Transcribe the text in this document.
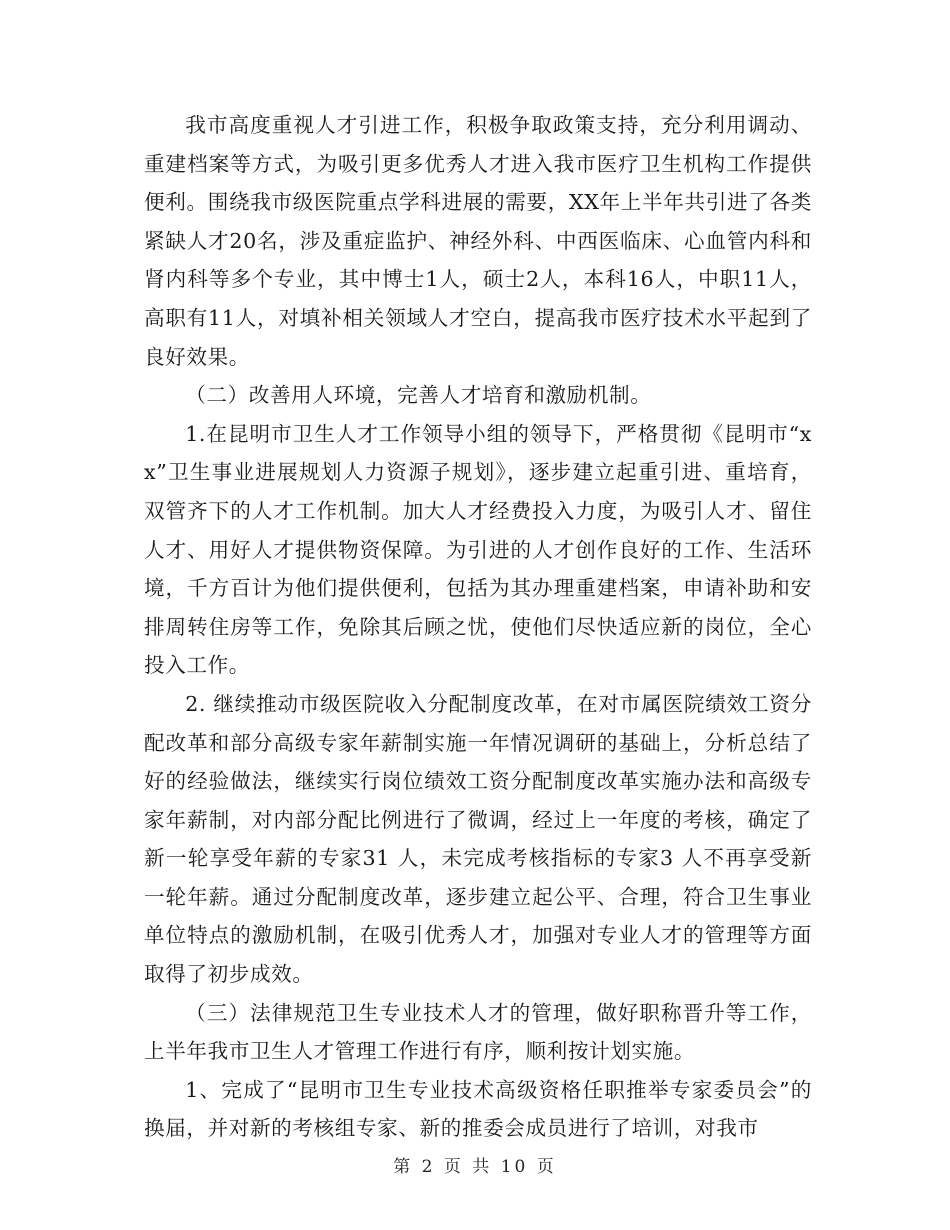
我市高度重视人才引进工作，积极争取政策支持，充分利用调动、重建档案等方式，为吸引更多优秀人才进入我市医疗卫生机构工作提供便利。围绕我市级医院重点学科进展的需要，XX年上半年共引进了各类紧缺人才20名，涉及重症监护、神经外科、中西医临床、心血管内科和肾内科等多个专业，其中博士1人，硕士2人，本科16人，中职11人，高职有11人，对填补相关领域人才空白，提高我市医疗技术水平起到了良好效果。

（二）改善用人环境，完善人才培育和激励机制。

1.在昆明市卫生人才工作领导小组的领导下，严格贯彻《昆明市“xx”卫生事业进展规划人力资源子规划》，逐步建立起重引进、重培育，双管齐下的人才工作机制。加大人才经费投入力度，为吸引人才、留住人才、用好人才提供物资保障。为引进的人才创作良好的工作、生活环境，千方百计为他们提供便利，包括为其办理重建档案，申请补助和安排周转住房等工作，免除其后顾之忧，使他们尽快适应新的岗位，全心投入工作。

2. 继续推动市级医院收入分配制度改革，在对市属医院绩效工资分配改革和部分高级专家年薪制实施一年情况调研的基础上，分析总结了好的经验做法，继续实行岗位绩效工资分配制度改革实施办法和高级专家年薪制，对内部分配比例进行了微调，经过上一年度的考核，确定了新一轮享受年薪的专家31 人，未完成考核指标的专家3 人不再享受新一轮年薪。通过分配制度改革，逐步建立起公平、合理，符合卫生事业单位特点的激励机制，在吸引优秀人才，加强对专业人才的管理等方面取得了初步成效。

（三）法律规范卫生专业技术人才的管理，做好职称晋升等工作，上半年我市卫生人才管理工作进行有序，顺利按计划实施。

1、完成了“昆明市卫生专业技术高级资格任职推举专家委员会”的换届，并对新的考核组专家、新的推委会成员进行了培训，对我市

第 2 页 共 10 页
